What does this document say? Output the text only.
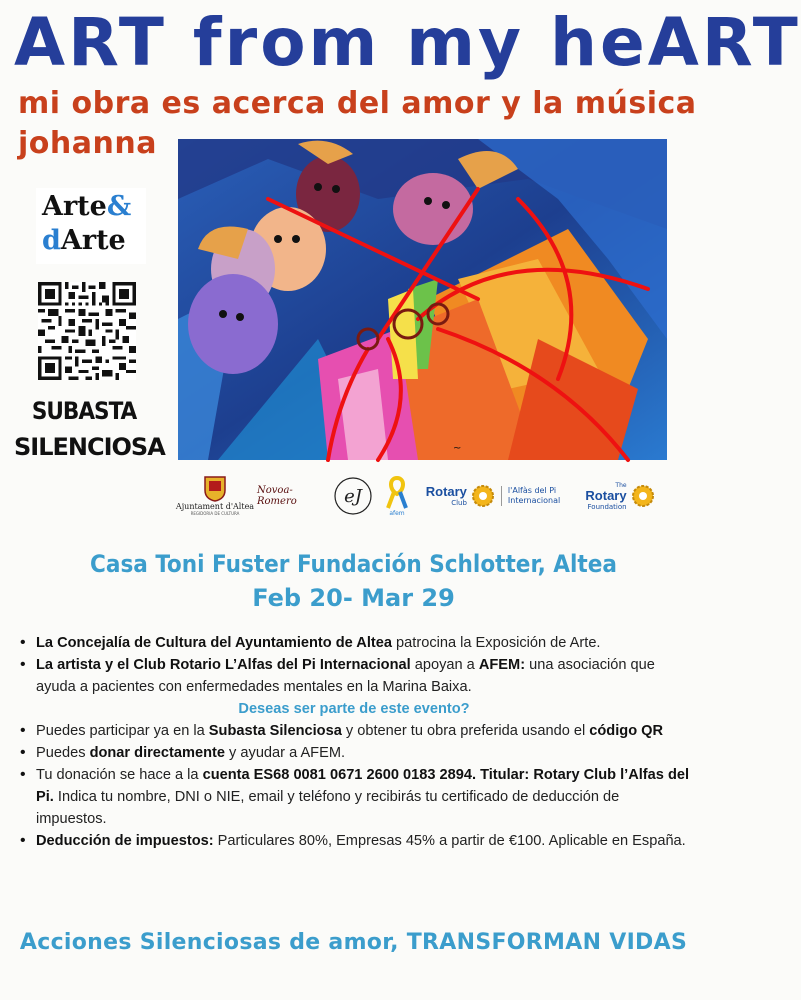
ART from my heART
mi obra es acerca del amor y la música
johanna
Arte&
dArte
SUBASTA
SILENCIOSA	~
Ajuntament d'Altea
REGIDORIA DE CULTURA
Novoa-Romero	eJ
afem
Rotary
Club
l'Alfàs del Pi
Internacional
The
Rotary
Foundation
Casa Toni Fuster Fundación Schlotter, Altea
Feb 20- Mar 29
• La Concejalía de Cultura del Ayuntamiento de Altea patrocina la Exposición de Arte.
• La artista y el Club Rotario L’Alfas del Pi Internacional apoyan a AFEM: una asociación que ayuda a pacientes con enfermedades mentales en la Marina Baixa.
Deseas ser parte de este evento?
• Puedes participar ya en la Subasta Silenciosa y obtener tu obra preferida usando el código QR
• Puedes donar directamente y ayudar a AFEM.
• Tu donación se hace a la cuenta ES68 0081 0671 2600 0183 2894. Titular: Rotary Club l’Alfas del Pi. Indica tu nombre, DNI o NIE, email y teléfono y recibirás tu certificado de deducción de impuestos.
• Deducción de impuestos: Particulares 80%, Empresas 45% a partir de €100. Aplicable en España.
Acciones Silenciosas de amor, TRANSFORMAN VIDAS
